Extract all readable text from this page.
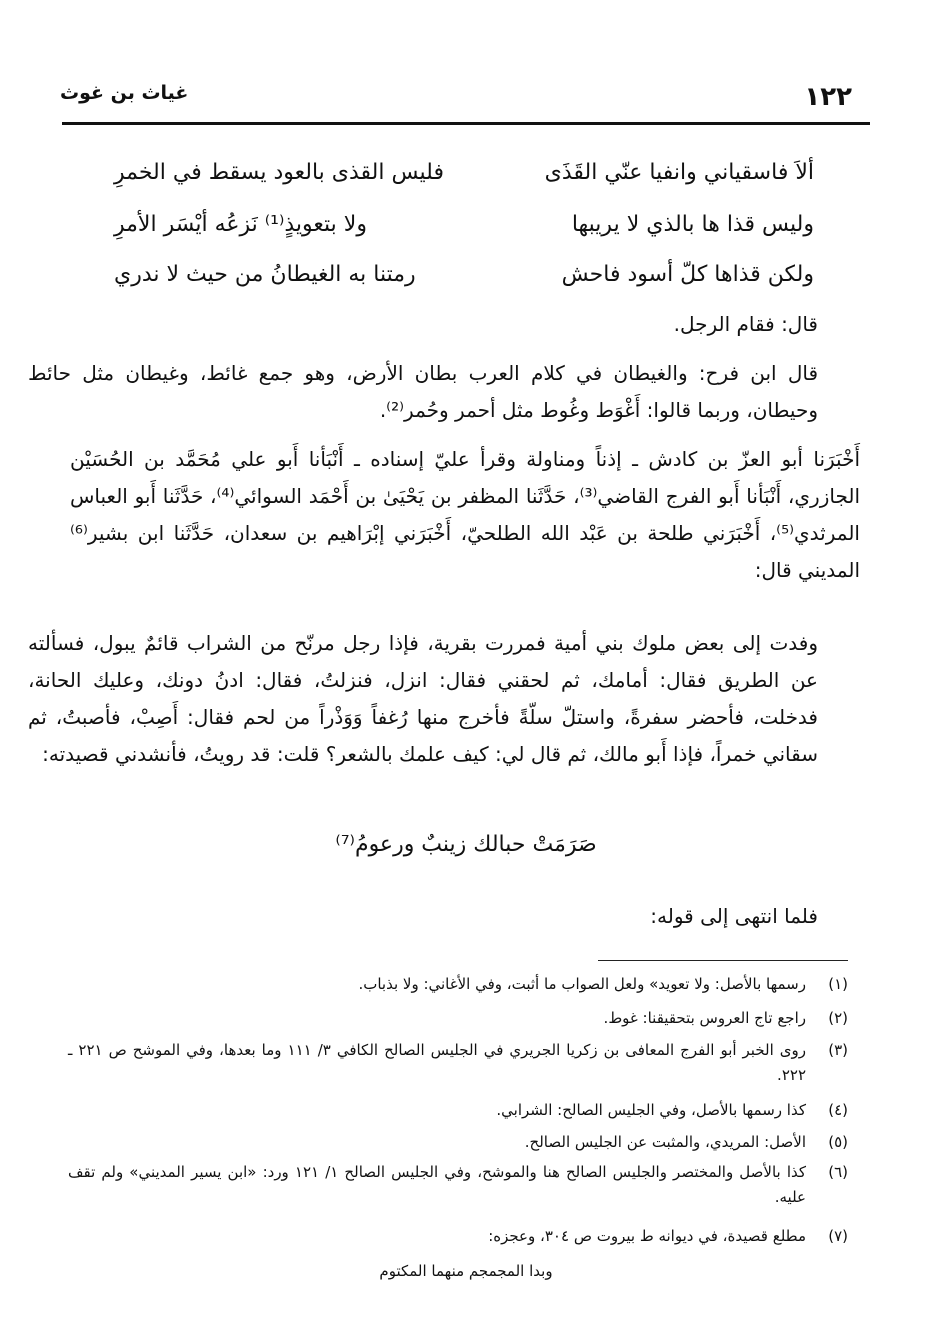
١٢٢
غياث بن غوث
ألاَ فاسقياني وانفيا عنّي القَذَى
فليس القذى بالعود يسقط في الخمرِ
وليس قذا ها بالذي لا يريبها
ولا بتعويذٍ⁽¹⁾ نَزعُه أيْسَر الأمرِ
ولكن قذاها كلّ أسود فاحش
رمتنا به الغيطانُ من حيث لا ندري
قال: فقام الرجل.
قال ابن فرح: والغيطان في كلام العرب بطان الأرض، وهو جمع غائط، وغيطان مثل حائط وحيطان، وربما قالوا: أَغْوَط وغُوط مثل أحمر وحُمر⁽²⁾.
أَخْبَرَنا أبو العزّ بن كادش ـ إذناً ومناولة وقرأ عليّ إسناده ـ أَنْبَأنا أَبو علي مُحَمَّد بن الحُسَيْن الجازري، أَنْبَأنا أَبو الفرج القاضي⁽³⁾، حَدَّثَنا المظفر بن يَحْيَىٰ بن أَحْمَد السوائي⁽⁴⁾، حَدَّثَنا أَبو العباس المرثدي⁽⁵⁾، أَخْبَرَني طلحة بن عَبْد الله الطلحيّ، أَخْبَرَني إبْرَاهيم بن سعدان، حَدَّثَنا ابن بشير⁽⁶⁾ المديني قال:
وفدت إلى بعض ملوك بني أمية فمررت بقرية، فإذا رجل مرنّح من الشراب قائمٌ يبول، فسألته عن الطريق فقال: أمامك، ثم لحقني فقال: انزل، فنزلتُ، فقال: ادنُ دونك، وعليك الحانة، فدخلت، فأحضر سفرةً، واستلّ سلّةً فأخرج منها رُغفاً وَوَذْراً من لحم فقال: أَصِبْ، فأصبتُ، ثم سقاني خمراً، فإذا أَبو مالك، ثم قال لي: كيف علمك بالشعر؟ قلت: قد رويتُ، فأنشدني قصيدته:
صَرَمَتْ حبالك زينبٌ ورعومُ⁽⁷⁾
فلما انتهى إلى قوله:
(١)
رسمها بالأصل: ولا تعويد» ولعل الصواب ما أثبت، وفي الأغاني: ولا بذباب.
(٢)
راجع تاج العروس بتحقيقنا: غوط.
(٣)
روى الخبر أبو الفرج المعافى بن زكريا الجريري في الجليس الصالح الكافي ٣/ ١١١ وما بعدها، وفي الموشح ص ٢٢١ ـ ٢٢٢.
(٤)
كذا رسمها بالأصل، وفي الجليس الصالح: الشرابي.
(٥)
الأصل: المريدي، والمثبت عن الجليس الصالح.
(٦)
كذا بالأصل والمختصر والجليس الصالح هنا والموشح، وفي الجليس الصالح ١/ ١٢١ ورد: «ابن يسير المديني» ولم تقف عليه.
(٧)
مطلع قصيدة، في ديوانه ط بيروت ص ٣٠٤، وعجزه:
وبدا المجمجم منهما المكتوم
